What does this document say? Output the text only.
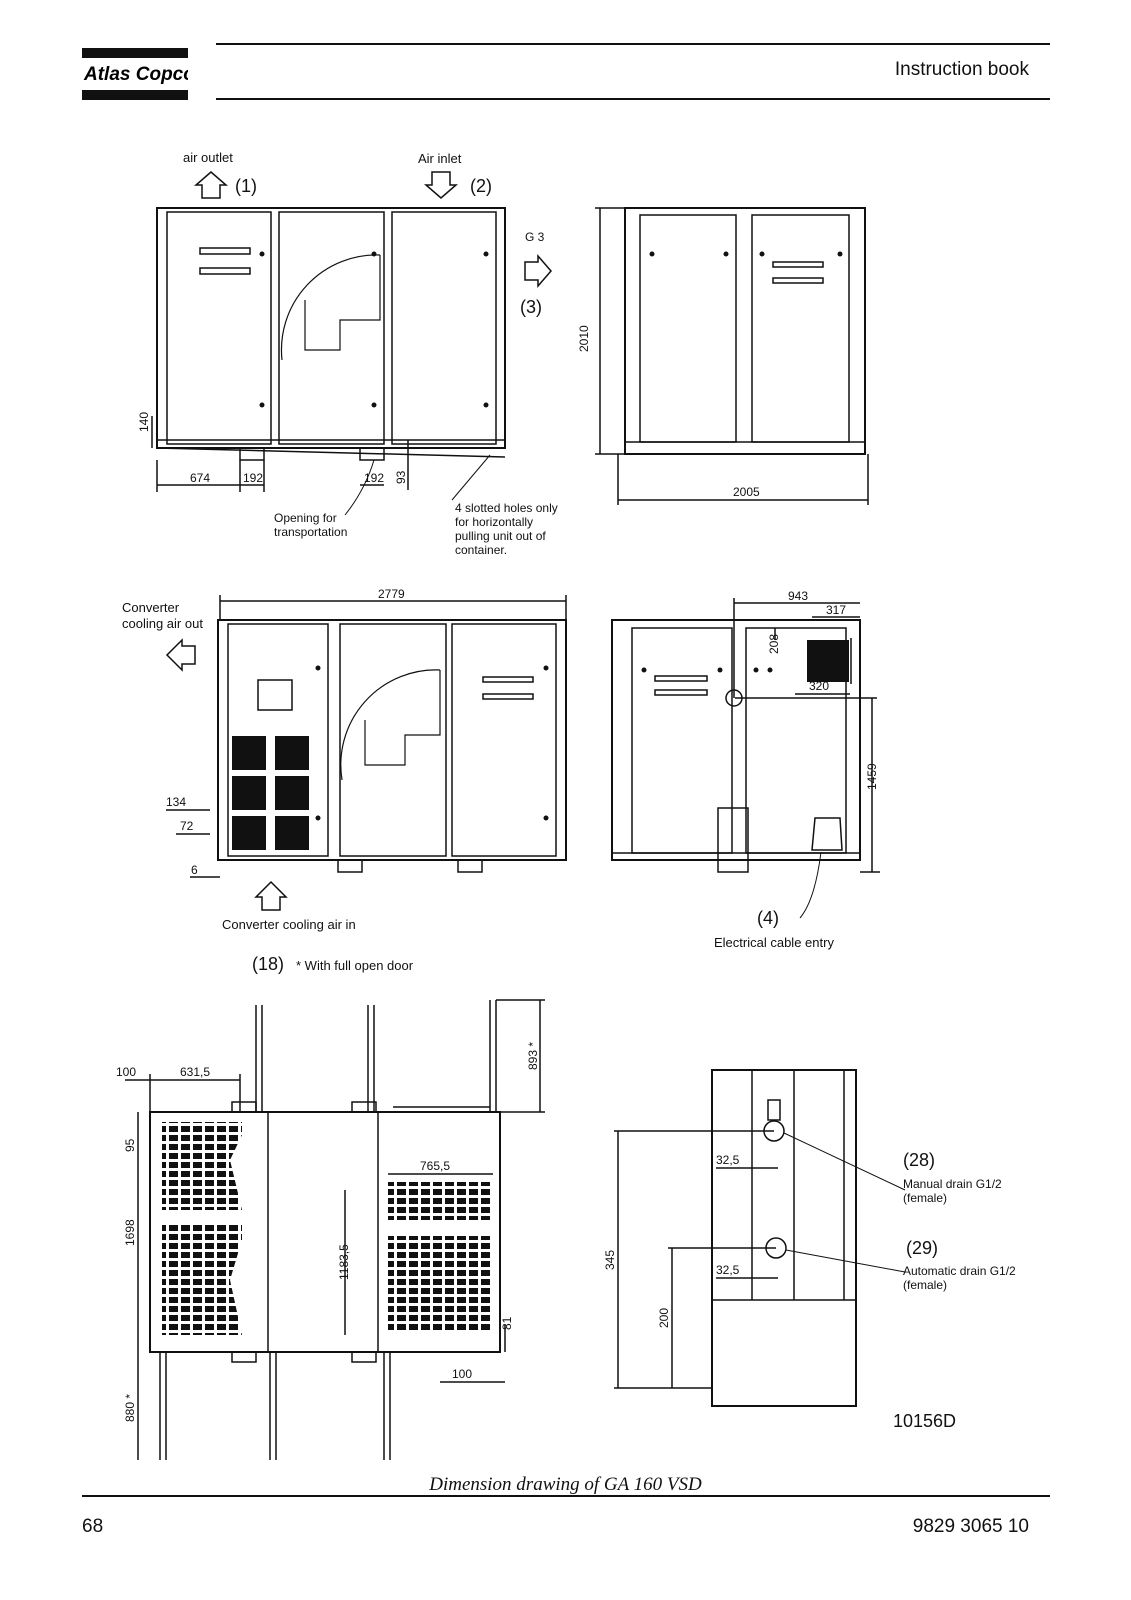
Atlas Copco	Instruction book
air outlet	Air inlet
(1)	(2)
(3)
G 3
140
674	192	192 93
Opening for
transportation
4 slotted holes only
for horizontally
pulling unit out of
container.
2010
2005
2779
Converter
cooling air out
134
72
6
Converter cooling air in
943
317
208
320
320
1459
(4)
Electrical cable entry
(18) * With full open door
893 *
100	631,5
95
1698
765,5
1183,5
81
100
880 *
32,5
32,5
345
200
(28)
Manual drain G1/2
(female)
(29)
Automatic drain G1/2
(female)
10156D
Dimension drawing of GA 160 VSD
68	9829 3065 10
